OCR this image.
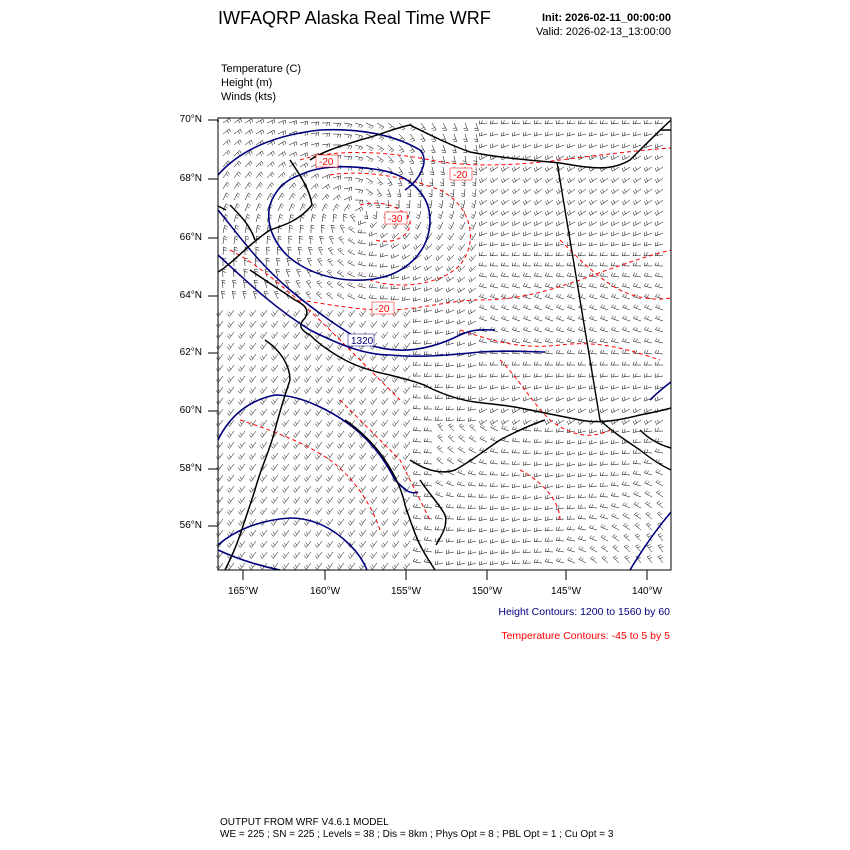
IWFAQRP Alaska Real Time WRF	Init: 2026-02-11_00:00:00
Valid: 2026-02-13_13:00:00
Temperature (C)
Height (m)
Winds (kts)
-20
-20
-30
-20
1320
70°N
68°N
66°N
64°N
62°N
60°N
58°N
56°N
165°W	160°W	155°W	150°W	145°W	140°W
Height Contours: 1200 to 1560 by 60
Temperature Contours: -45 to 5 by 5
OUTPUT FROM WRF V4.6.1 MODEL
WE = 225 ; SN = 225 ; Levels = 38 ; Dis = 8km ; Phys Opt = 8 ; PBL Opt = 1 ; Cu Opt = 3
